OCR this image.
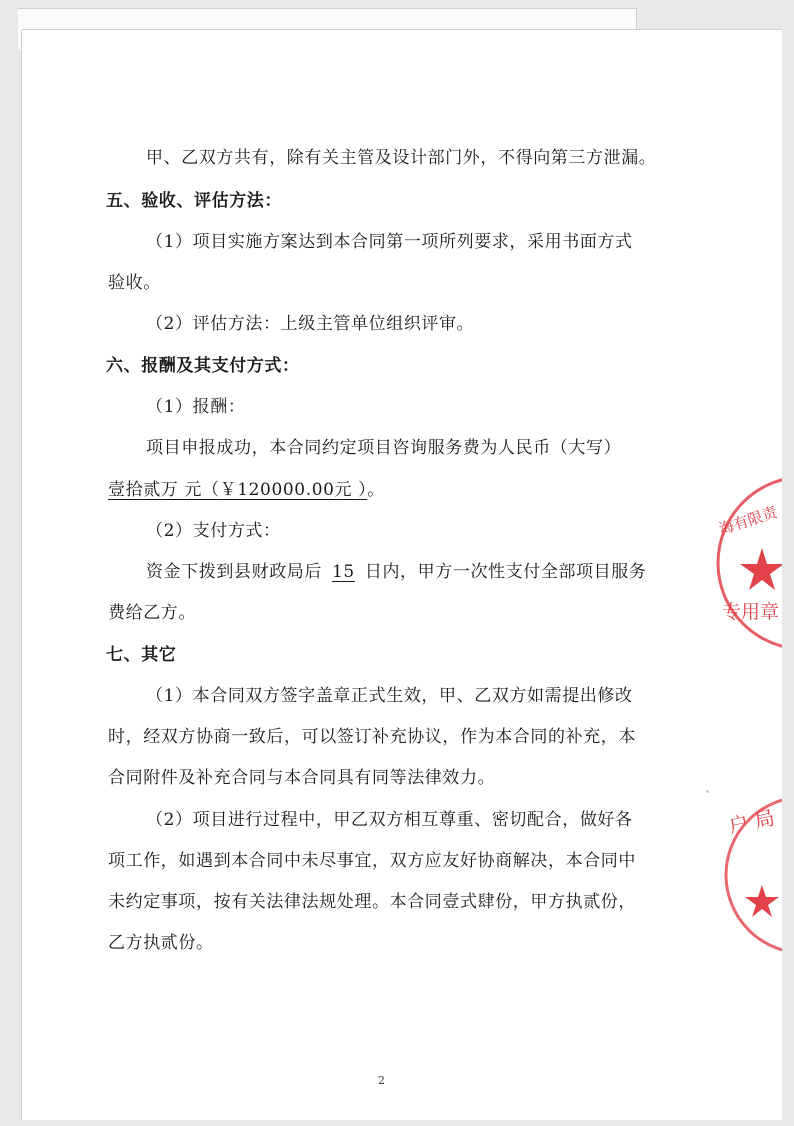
甲、乙双方共有，除有关主管及设计部门外，不得向第三方泄漏。
五、验收、评估方法：
（1）项目实施方案达到本合同第一项所列要求，采用书面方式
验收。
（2）评估方法：上级主管单位组织评审。
六、报酬及其支付方式：
（1）报酬：
项目申报成功，本合同约定项目咨询服务费为人民币（大写）
壹拾贰万 元（￥120000.00元 ）。
（2）支付方式：
资金下拨到县财政局后 15 日内，甲方一次性支付全部项目服务
费给乙方。
七、其它
（1）本合同双方签字盖章正式生效，甲、乙双方如需提出修改
时，经双方协商一致后，可以签订补充协议，作为本合同的补充，本
合同附件及补充合同与本合同具有同等法律效力。
（2）项目进行过程中，甲乙双方相互尊重、密切配合，做好各
项工作，如遇到本合同中未尽事宜，双方应友好协商解决，本合同中
未约定事项，按有关法律法规处理。本合同壹式肆份，甲方执贰份，
乙方执贰份。
2
海有限责
专用章
户 局
